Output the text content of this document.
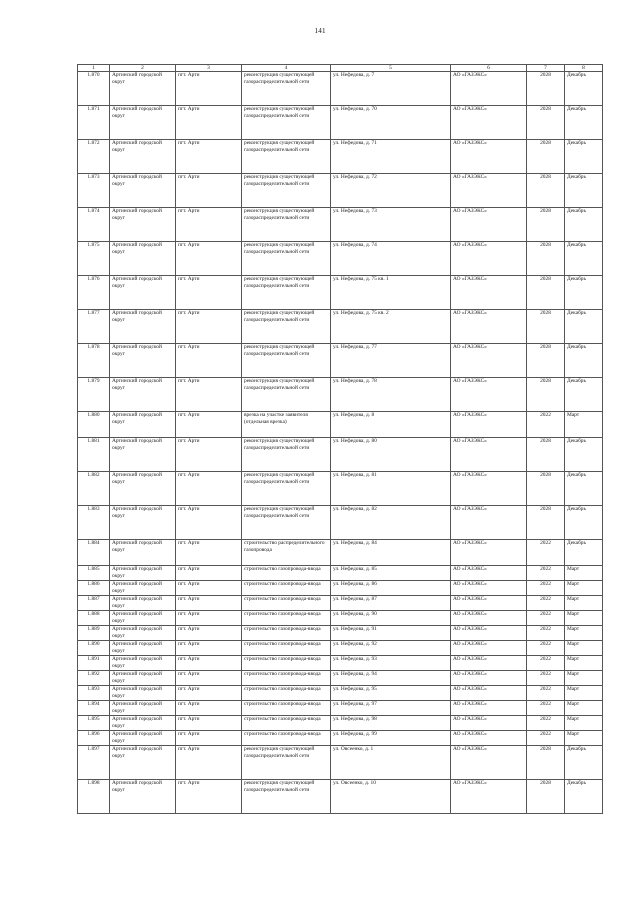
141
1	2	3	4	5	6	7	8
1.870	Артинский городской округ	пгт. Арти	реконструкция существующей газораспределительной сети	ул. Нефедова, д. 7	АО «ГАЗЭКС»	2028	Декабрь
1.871	Артинский городской округ	пгт. Арти	реконструкция существующей газораспределительной сети	ул. Нефедова, д. 70	АО «ГАЗЭКС»	2028	Декабрь
1.872	Артинский городской округ	пгт. Арти	реконструкция существующей газораспределительной сети	ул. Нефедова, д. 71	АО «ГАЗЭКС»	2028	Декабрь
1.873	Артинский городской округ	пгт. Арти	реконструкция существующей газораспределительной сети	ул. Нефедова, д. 72	АО «ГАЗЭКС»	2028	Декабрь
1.874	Артинский городской округ	пгт. Арти	реконструкция существующей газораспределительной сети	ул. Нефедова, д. 73	АО «ГАЗЭКС»	2028	Декабрь
1.875	Артинский городской округ	пгт. Арти	реконструкция существующей газораспределительной сети	ул. Нефедова, д. 74	АО «ГАЗЭКС»	2028	Декабрь
1.876	Артинский городской округ	пгт. Арти	реконструкция существующей газораспределительной сети	ул. Нефедова, д. 75 кв. 1	АО «ГАЗЭКС»	2028	Декабрь
1.877	Артинский городской округ	пгт. Арти	реконструкция существующей газораспределительной сети	ул. Нефедова, д. 75 кв. 2	АО «ГАЗЭКС»	2028	Декабрь
1.878	Артинский городской округ	пгт. Арти	реконструкция существующей газораспределительной сети	ул. Нефедова, д. 77	АО «ГАЗЭКС»	2028	Декабрь
1.879	Артинский городской округ	пгт. Арти	реконструкция существующей газораспределительной сети	ул. Нефедова, д. 78	АО «ГАЗЭКС»	2028	Декабрь
1.880	Артинский городской округ	пгт. Арти	врезка на участке заявителя (отдельная врезка)	ул. Нефедова, д. 8	АО «ГАЗЭКС»	2022	Март
1.881	Артинский городской округ	пгт. Арти	реконструкция существующей газораспределительной сети	ул. Нефедова, д. 80	АО «ГАЗЭКС»	2028	Декабрь
1.882	Артинский городской округ	пгт. Арти	реконструкция существующей газораспределительной сети	ул. Нефедова, д. 81	АО «ГАЗЭКС»	2028	Декабрь
1.883	Артинский городской округ	пгт. Арти	реконструкция существующей газораспределительной сети	ул. Нефедова, д. 82	АО «ГАЗЭКС»	2028	Декабрь
1.884	Артинский городской округ	пгт. Арти	строительство распределительного газопровода	ул. Нефедова, д. 84	АО «ГАЗЭКС»	2022	Декабрь
1.885	Артинский городской округ	пгт. Арти	строительство газопровода-ввода	ул. Нефедова, д. 85	АО «ГАЗЭКС»	2022	Март
1.886	Артинский городской округ	пгт. Арти	строительство газопровода-ввода	ул. Нефедова, д. 86	АО «ГАЗЭКС»	2022	Март
1.887	Артинский городской округ	пгт. Арти	строительство газопровода-ввода	ул. Нефедова, д. 87	АО «ГАЗЭКС»	2022	Март
1.888	Артинский городской округ	пгт. Арти	строительство газопровода-ввода	ул. Нефедова, д. 90	АО «ГАЗЭКС»	2022	Март
1.889	Артинский городской округ	пгт. Арти	строительство газопровода-ввода	ул. Нефедова, д. 91	АО «ГАЗЭКС»	2022	Март
1.890	Артинский городской округ	пгт. Арти	строительство газопровода-ввода	ул. Нефедова, д. 92	АО «ГАЗЭКС»	2022	Март
1.891	Артинский городской округ	пгт. Арти	строительство газопровода-ввода	ул. Нефедова, д. 93	АО «ГАЗЭКС»	2022	Март
1.892	Артинский городской округ	пгт. Арти	строительство газопровода-ввода	ул. Нефедова, д. 94	АО «ГАЗЭКС»	2022	Март
1.893	Артинский городской округ	пгт. Арти	строительство газопровода-ввода	ул. Нефедова, д. 95	АО «ГАЗЭКС»	2022	Март
1.894	Артинский городской округ	пгт. Арти	строительство газопровода-ввода	ул. Нефедова, д. 97	АО «ГАЗЭКС»	2022	Март
1.895	Артинский городской округ	пгт. Арти	строительство газопровода-ввода	ул. Нефедова, д. 98	АО «ГАЗЭКС»	2022	Март
1.896	Артинский городской округ	пгт. Арти	строительство газопровода-ввода	ул. Нефедова, д. 99	АО «ГАЗЭКС»	2022	Март
1.897	Артинский городской округ	пгт. Арти	реконструкция существующей газораспределительной сети	ул. Овсеенко, д. 1	АО «ГАЗЭКС»	2028	Декабрь
1.898	Артинский городской округ	пгт. Арти	реконструкция существующей газораспределительной сети	ул. Овсеенко, д. 10	АО «ГАЗЭКС»	2028	Декабрь
